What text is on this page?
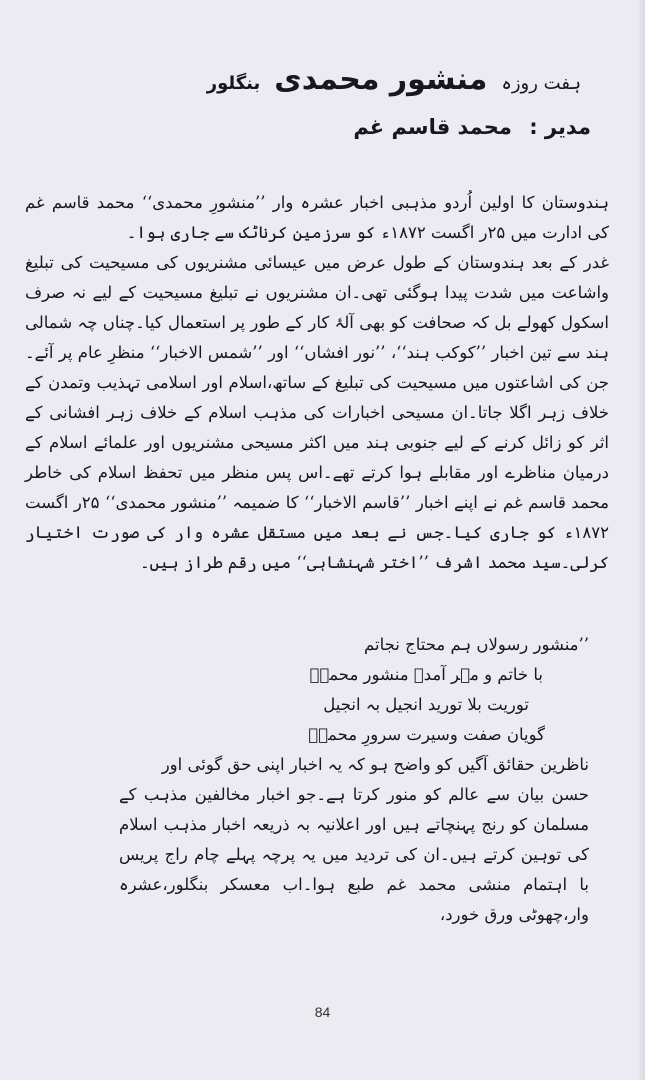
ہفت روزہ
منشور محمدی
بنگلور
مدیر : محمد قاسم غم

ہندوستان کا اولین اُردو مذہبی اخبار عشرہ وار ’’منشورِ محمدی‘‘ محمد قاسم غم کی ادارت میں ۲۵ر اگست ۱۸۷۲ء کو سرزمین کرناٹک سے جاری ہوا۔

غدر کے بعد ہندوستان کے طول عرض میں عیسائی مشنریوں کی مسیحیت کی تبلیغ واشاعت میں شدت پیدا ہوگئی تھی۔ان مشنریوں نے تبلیغ مسیحیت کے لیے نہ صرف اسکول کھولے بل کہ صحافت کو بھی آلۂ کار کے طور پر استعمال کیا۔چناں چہ شمالی ہند سے تین اخبار ’’کوکب ہند‘‘، ’’نور افشاں‘‘ اور ’’شمس الاخبار‘‘ منظرِ عام پر آئے۔جن کی اشاعتوں میں مسیحیت کی تبلیغ کے ساتھ،اسلام اور اسلامی تہذیب وتمدن کے خلاف زہر اگلا جاتا۔ان مسیحی اخبارات کی مذہب اسلام کے خلاف زہر افشانی کے اثر کو زائل کرنے کے لیے جنوبی ہند میں اکثر مسیحی مشنریوں اور علمائے اسلام کے درمیان مناظرے اور مقابلے ہوا کرتے تھے۔اس پس منظر میں تحفظ اسلام کی خاطر محمد قاسم غم نے اپنے اخبار ’’قاسم الاخبار‘‘ کا ضمیمہ ’’منشور محمدی‘‘ ۲۵ر اگست ۱۸۷۲ء کو جاری کیا۔جس نے بعد میں مستقل عشرہ وار کی صورت اختیار کرلی۔سید محمد اشرف ’’اختر شہنشاہی‘‘ میں رقم طراز ہیں۔

’’منشور رسولاں ہم محتاج نجاتم
با خاتم و مہر آمدہ منشور محمدؐ
توریت بلا تورید انجیل بہ انجیل
گویان صفت وسیرت سرورِ محمدؐ
ناظرین حقائق آگیں کو واضح ہو کہ یہ اخبار اپنی حق گوئی اور

حسن بیان سے عالم کو منور کرتا ہے۔جو اخبار مخالفین مذہب کے مسلمان کو رنج پہنچاتے ہیں اور اعلانیہ بہ ذریعہ اخبار مذہب اسلام کی توہین کرتے ہیں۔ان کی تردید میں یہ پرچہ پہلے چام راج پریس با اہتمام منشی محمد غم طبع ہوا۔اب معسکر بنگلور،عشرہ وار،چھوٹی ورق خورد،

84
